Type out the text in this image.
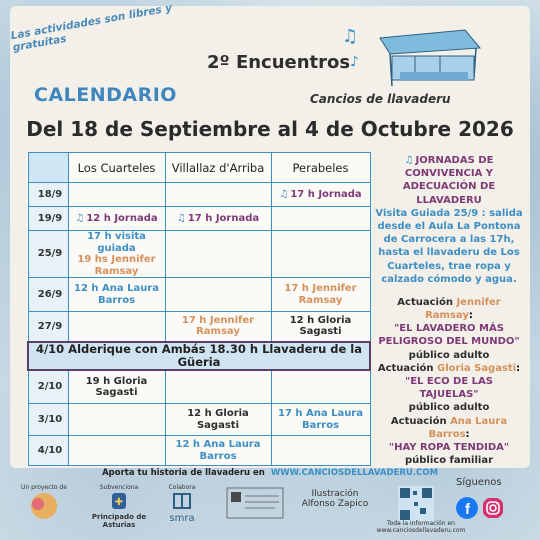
Las actividades son libres y gratuitas
CALENDARIO
2º Encuentros
♫
♪
Cancios de llavaderu
Del 18 de Septiembre al 4 de Octubre 2026
	Los Cuarteles	Villallaz d'Arriba	Perabeles
18/9			♫ 17 h Jornada
19/9	♫ 12 h Jornada	♫ 17 h Jornada	
25/9	17 h visita guiada
19 hs Jennifer Ramsay		

26/9	12 h Ana Laura Barros		17 h Jennifer Ramsay
27/9		17 h Jennifer Ramsay	12 h Gloria Sagasti
4/10 Alderique con Ambás 18.30 h Llavaderu de la Güeria			
2/10	19 h Gloria Sagasti		
3/10		12 h Gloria Sagasti	17 h Ana Laura Barros
4/10		12 h Ana Laura Barros	
♫ JORNADAS DE CONVIVENCIA Y ADECUACIÓN DE LLAVADERU
Visita Guiada 25/9 : salida desde el Aula La Pontona de Carrocera a las 17h, hasta el llavaderu de Los Cuarteles, trae ropa y calzado cómodo y agua.
Actuación Jennifer Ramsay:
"EL LAVADERO MÁS PELIGROSO DEL MUNDO"
público adulto
Actuación Gloria Sagasti:
"EL ECO DE LAS TAJUELAS"
público adulto
Actuación Ana Laura Barros:
"HAY ROPA TENDIDA"
público familiar
Aporta tu historia de llavaderu en WWW.CANCIOSDELLAVADERU.COM
Un proyecto de	Subvenciona
✚
Principado de Asturias
Colabora
smra
Ilustración
Alfonso Zapico
Toda la información en www.canciosdellavaderu.com
Síguenos
f
